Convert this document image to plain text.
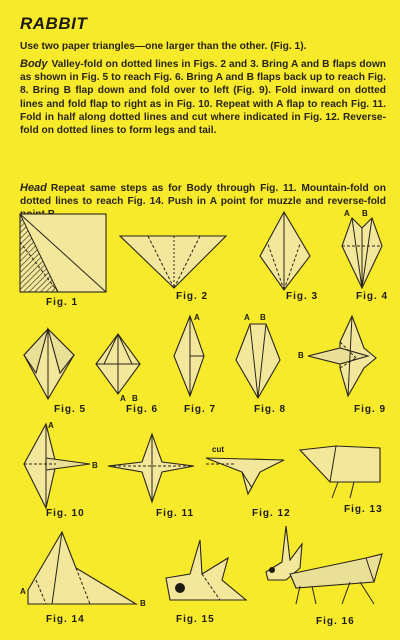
RABBIT
Use two paper triangles—one larger than the other. (Fig. 1).
Body Valley-fold on dotted lines in Figs. 2 and 3. Bring A and B flaps down as shown in Fig. 5 to reach Fig. 6. Bring A and B flaps back up to reach Fig. 8. Bring B flap down and fold over to left (Fig. 9). Fold inward on dotted lines and fold flap to right as in Fig. 10. Repeat with A flap to reach Fig. 11. Fold in half along dotted lines and cut where indicated in Fig. 12. Reverse-fold on dotted lines to form legs and tail.
Head Repeat same steps as for Body through Fig. 11. Mountain-fold on dotted lines to reach Fig. 14. Push in A point for muzzle and reverse-fold
Fig. 1
Fig. 2	Fig. 3
A B
Fig. 4
Fig. 5
A B
Fig. 6
A
Fig. 7
A B
Fig. 8
B
Fig. 9
A
B
Fig. 10	Fig. 11
cut
Fig. 12	Fig. 13
A
B
Fig. 14	Fig. 15	Fig. 16
